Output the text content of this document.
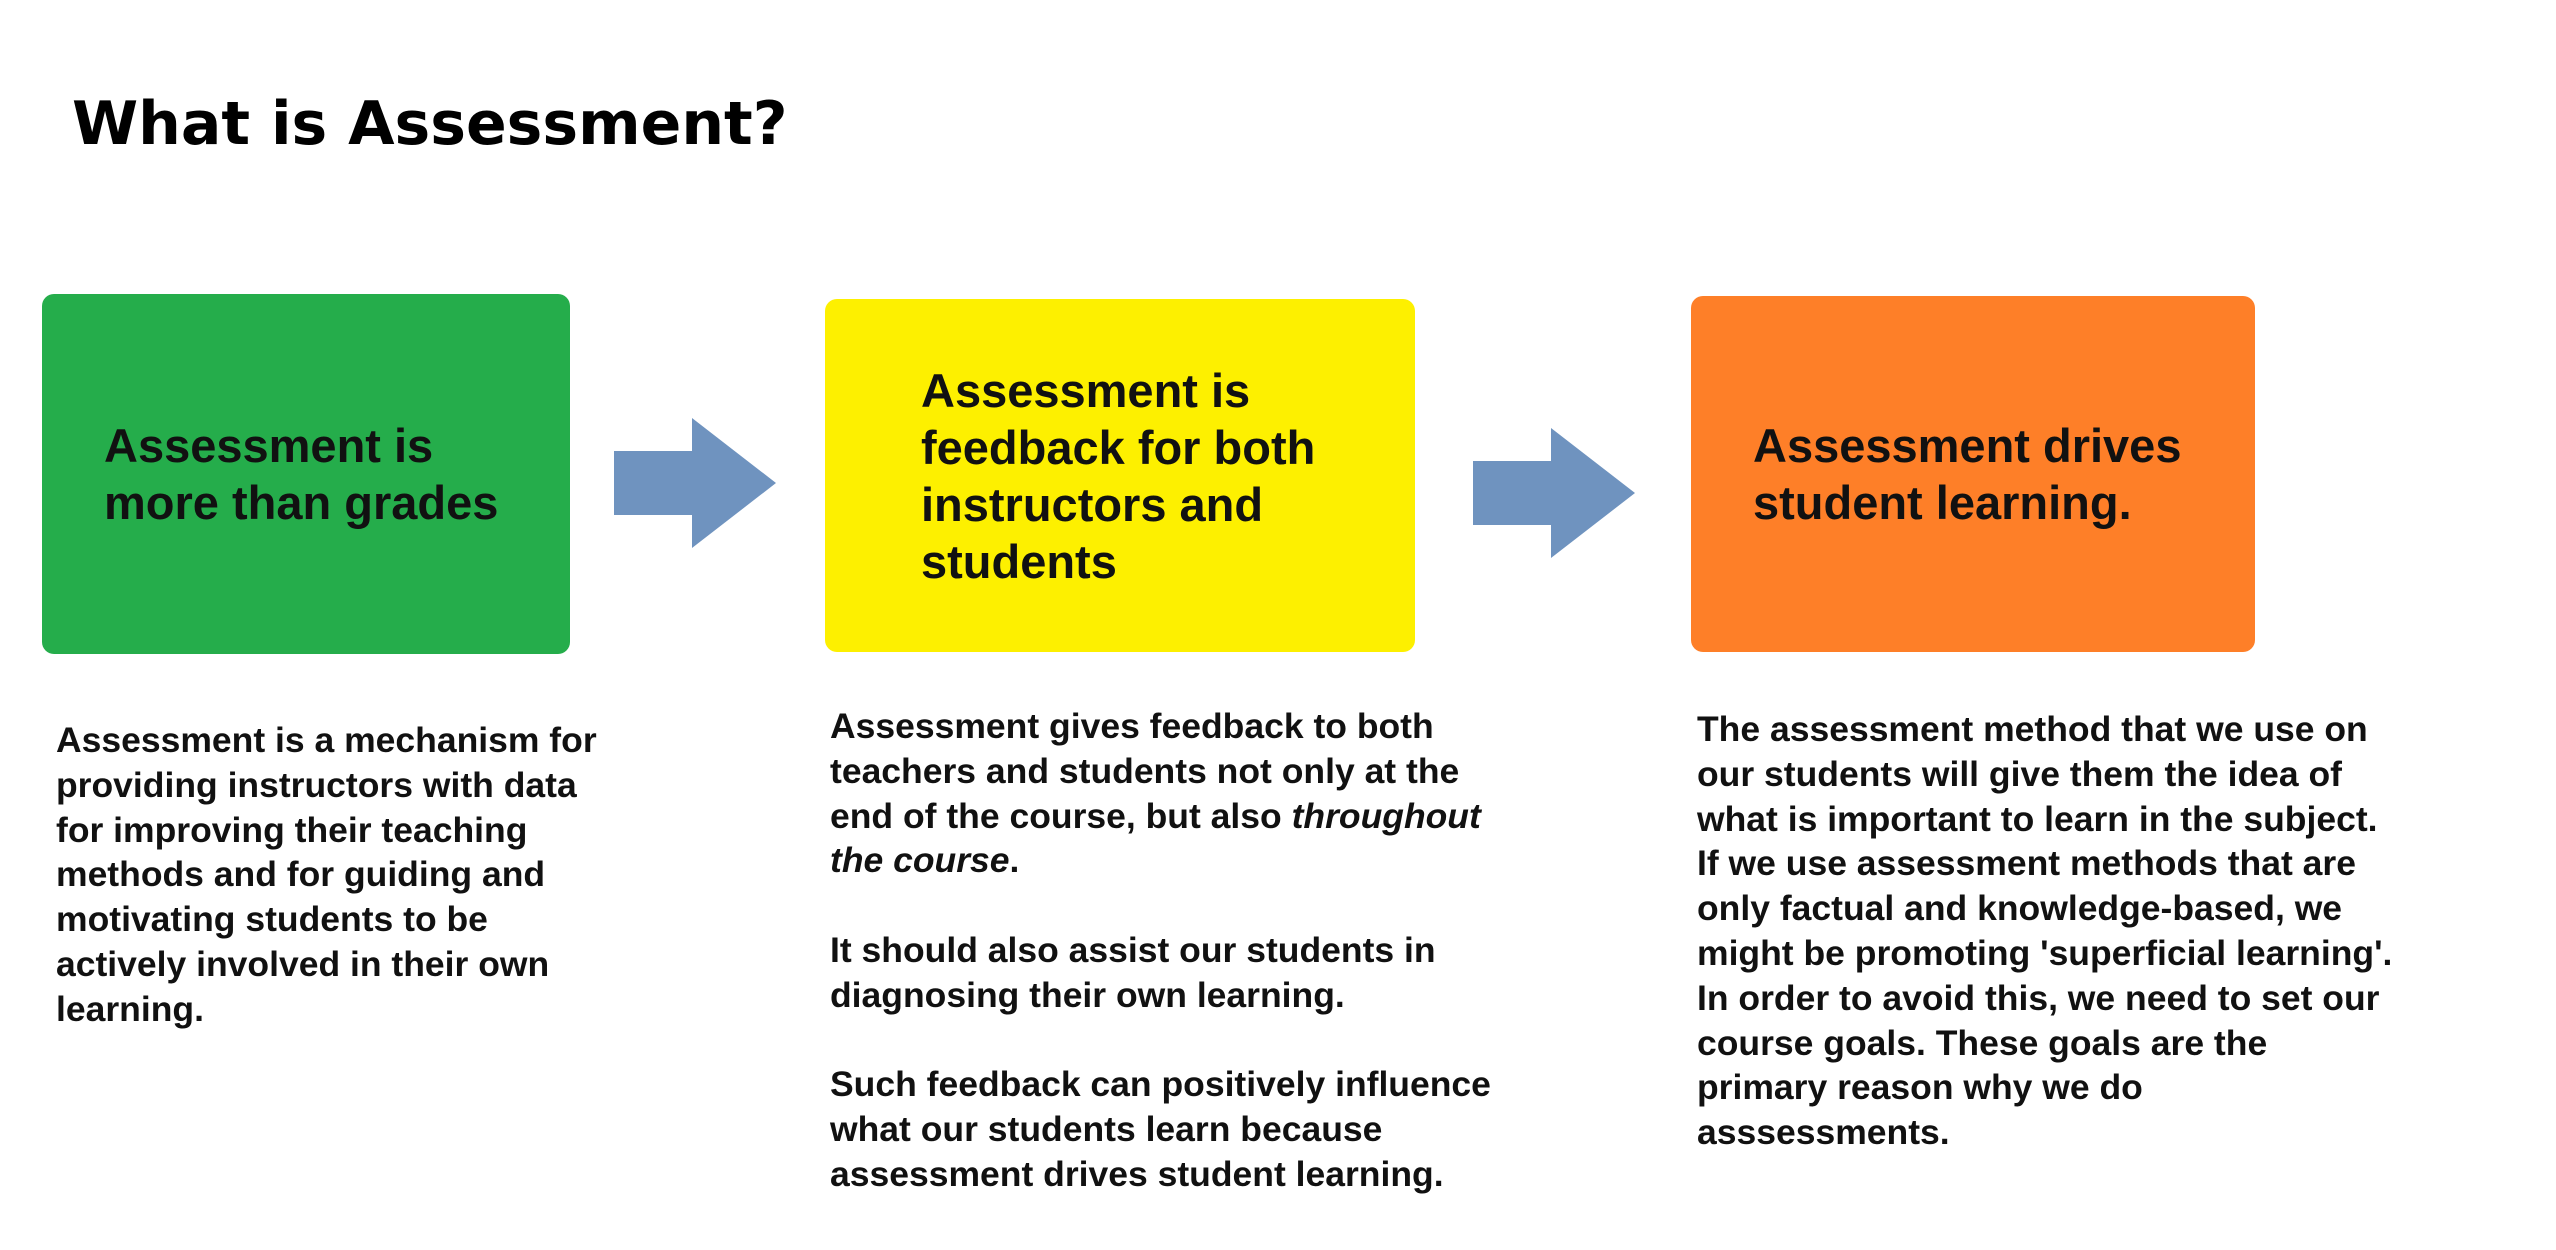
What is Assessment?

Assessment is more than grades

Assessment is feedback for both instructors and students

Assessment drives student learning.

Assessment is a mechanism for providing instructors with data for improving their teaching methods and for guiding and motivating students to be actively involved in their own learning.

Assessment gives feedback to both teachers and students not only at the end of the course, but also throughout the course.

It should also assist our students in diagnosing their own learning.

Such feedback can positively influence what our students learn because assessment drives student learning.

The assessment method that we use on our students will give them the idea of what is important to learn in the subject. If we use assessment methods that are only factual and knowledge-based, we might be promoting 'superficial learning'. In order to avoid this, we need to set our course goals. These goals are the primary reason why we do asssessments.
